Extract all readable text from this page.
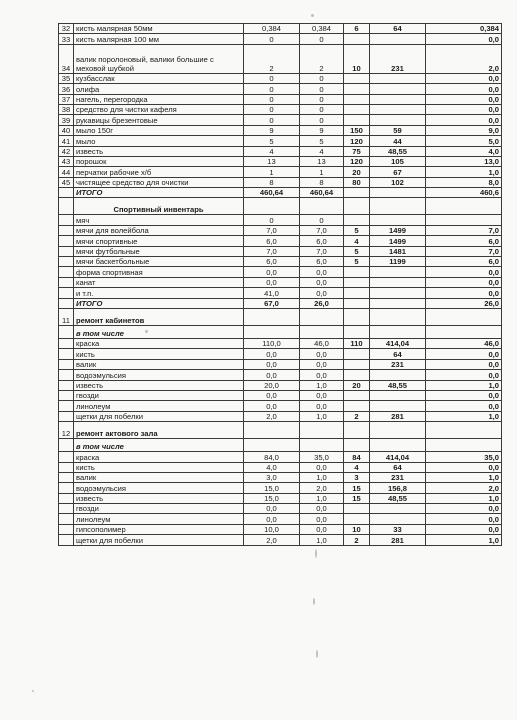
32	кисть малярная 50мм	0,384	0,384	6	64	0,384
33	кисть малярная 100 мм	0	0			0,0
34	валик поролоновый, валики большие с меховой шубкой	2	2	10	231	2,0
35	кузбасслак	0	0			0,0
36	олифа	0	0			0,0
37	нагель, перегородка	0	0			0,0
38	средство для чистки кафеля	0	0			0,0
39	рукавицы брезентовые	0	0			0,0
40	мыло 150г	9	9	150	59	9,0
41	мыло	5	5	120	44	5,0
42	известь	4	4	75	48,55	4,0
43	порошок	13	13	120	105	13,0
44	перчатки рабочие х/б	1	1	20	67	1,0
45	чистящее средство для очистки	8	8	80	102	8,0
	ИТОГО	460,64	460,64			460,6
	Спортивный инвентарь					
	мяч	0	0			
	мячи для волейбола	7,0	7,0	5	1499	7,0
	мячи спортивные	6,0	6,0	4	1499	6,0
	мячи футбольные	7,0	7,0	5	1481	7,0
	мячи баскетбольные	6,0	6,0	5	1199	6,0
	форма спортивная	0,0	0,0			0,0
	канат	0,0	0,0			0,0
	и т.п.	41,0	0,0			0,0
	ИТОГО	67,0	26,0			26,0
11	ремонт кабинетов					
	в том числе					
	краска	110,0	46,0	110	414,04	46,0
	кисть	0,0	0,0		64	0,0
	валик	0,0	0,0		231	0,0
	водоэмульсия	0,0	0,0			0,0
	известь	20,0	1,0	20	48,55	1,0
	гвозди	0,0	0,0			0,0
	линолеум	0,0	0,0			0,0
	щетки для побелки	2,0	1,0	2	281	1,0
12	ремонт актового зала					
	в том числе					
	краска	84,0	35,0	84	414,04	35,0
	кисть	4,0	0,0	4	64	0,0
	валик	3,0	1,0	3	231	1,0
	водоэмульсия	15,0	2,0	15	156,8	2,0
	известь	15,0	1,0	15	48,55	1,0
	гвозди	0,0	0,0			0,0
	линолеум	0,0	0,0			0,0
	гипсополимер	10,0	0,0	10	33	0,0
	щетки для побелки	2,0	1,0	2	281	1,0
